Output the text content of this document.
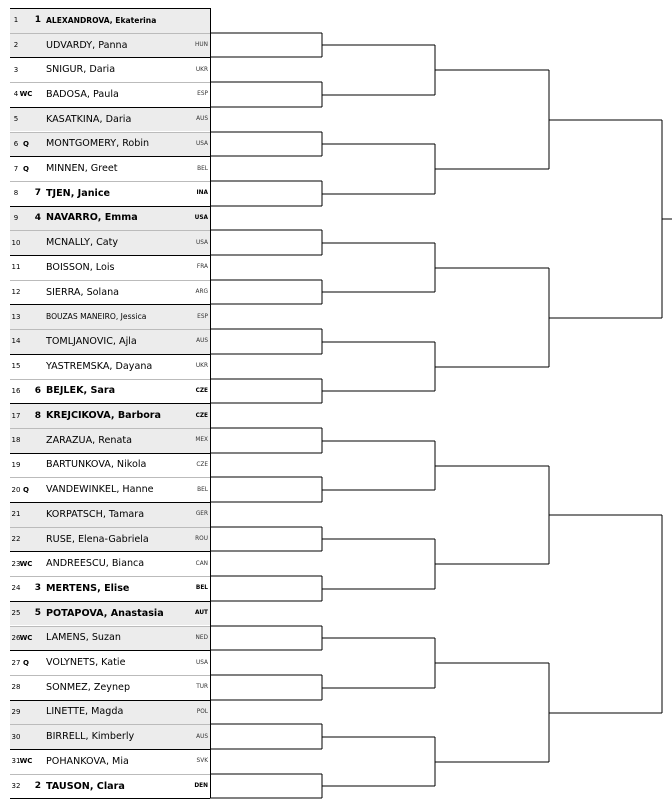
1	1 ALEXANDROVA, Ekaterina
2	UDVARDY, Panna	HUN
3	SNIGUR, Daria	UKR
4 WC BADOSA, Paula	ESP
5	KASATKINA, Daria	AUS
6 Q MONTGOMERY, Robin	USA
7 Q MINNEN, Greet	BEL
8	7 TJEN, Janice	INA
9	4 NAVARRO, Emma	USA
10	MCNALLY, Caty	USA
11	BOISSON, Lois	FRA
12	SIERRA, Solana	ARG
13	BOUZAS MANEIRO, Jessica	ESP
14	TOMLJANOVIC, Ajla	AUS
15	YASTREMSKA, Dayana	UKR
16	6 BEJLEK, Sara	CZE
17	8 KREJCIKOVA, Barbora	CZE
18	ZARAZUA, Renata	MEX
19	BARTUNKOVA, Nikola	CZE
20 Q VANDEWINKEL, Hanne	BEL
21	KORPATSCH, Tamara	GER
22	RUSE, Elena-Gabriela	ROU
23 WC ANDREESCU, Bianca	CAN
24	3 MERTENS, Elise	BEL
25	5 POTAPOVA, Anastasia	AUT
26 WC LAMENS, Suzan	NED
27 Q VOLYNETS, Katie	USA
28	SONMEZ, Zeynep	TUR
29	LINETTE, Magda	POL
30	BIRRELL, Kimberly	AUS
31 WC POHANKOVA, Mia	SVK
32	2 TAUSON, Clara	DEN
